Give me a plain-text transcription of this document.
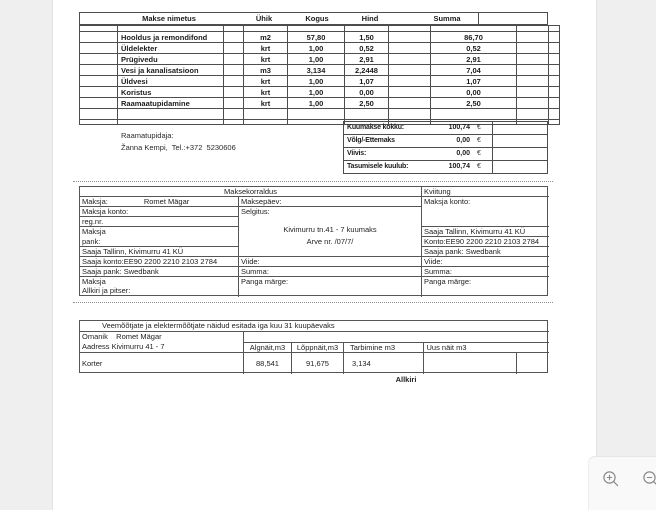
Makse nimetus	Ühik	Kogus	Hind	Summa

	Hooldus ja remondifond		m2	57,80	1,50		86,70		
	Üldelekter		krt	1,00	0,52		0,52		
	Prügivedu		krt	1,00	2,91		2,91		
	Vesi ja kanalisatsioon		m3	3,134	2,2448		7,04		
	Üldvesi		krt	1,00	1,07		1,07		
	Koristus		krt	1,00	0,00		0,00		
	Raamaatupidamine		krt	1,00	2,50		2,50		

Raamatupidaja:
Žanna Kempi,  Tel.:+372  5230606
Kuumakse kokku:	100,74 €
Võlg/-Ettemaks	0,00 €
Viivis:	0,00 €
Tasumisele kuulub:	100,74 €
Maksekorraldus	Kviitung
Maksja:	Romet Mägar
Maksja konto:
reg.nr.
Maksja
pank:
Saaja Tallinn, Kivimurru 41 KÜ
Saaja konto:EE90 2200 2210 2103 2784
Saaja pank: Swedbank
Maksja
Allkiri ja pitser:
Maksepäev:
Selgitus:
Kivimurru tn.41 - 7 kuumaks
Arve nr. /07/7/
Viide:
Summa:
Panga märge:
Maksja konto:
Saaja Tallinn, Kivimurru 41 KÜ
Konto:EE90 2200 2210 2103 2784
Saaja pank: Swedbank
Viide:
Summa:
Panga märge:
Veemõõtjate ja elektermõõtjate näidud esitada iga kuu 31 kuupäevaks
Omanik    Romet Mägar
Aadress Kivimurru 41 - 7	Algnäit,m3	Lõppnäit,m3	Tarbimine m3	Uus näit m3
Korter	88,541	91,675	3,134
Allkiri
